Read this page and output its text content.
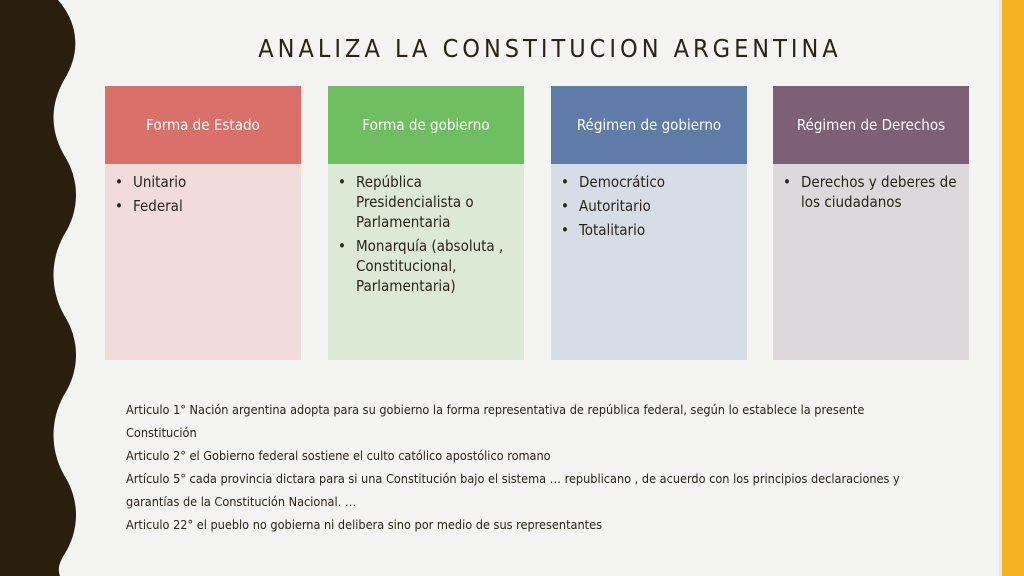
ANALIZA LA CONSTITUCION ARGENTINA
Forma de Estado
• Unitario
• Federal
Forma de gobierno
• República Presidencialista o Parlamentaria
• Monarquía (absoluta , Constitucional, Parlamentaria)
Régimen de gobierno
• Democrático
• Autoritario
• Totalitario
Régimen de Derechos
• Derechos y deberes de los ciudadanos

Articulo 1° Nación argentina adopta para su gobierno la forma representativa de república federal, según lo establece la presente Constitución

Articulo 2° el Gobierno federal sostiene el culto católico apostólico romano

Artículo 5° cada provincia dictara para si una Constitución bajo el sistema … republicano , de acuerdo con los principios declaraciones y garantías de la Constitución Nacional. …

Articulo 22° el pueblo no gobierna ni delibera sino por medio de sus representantes
